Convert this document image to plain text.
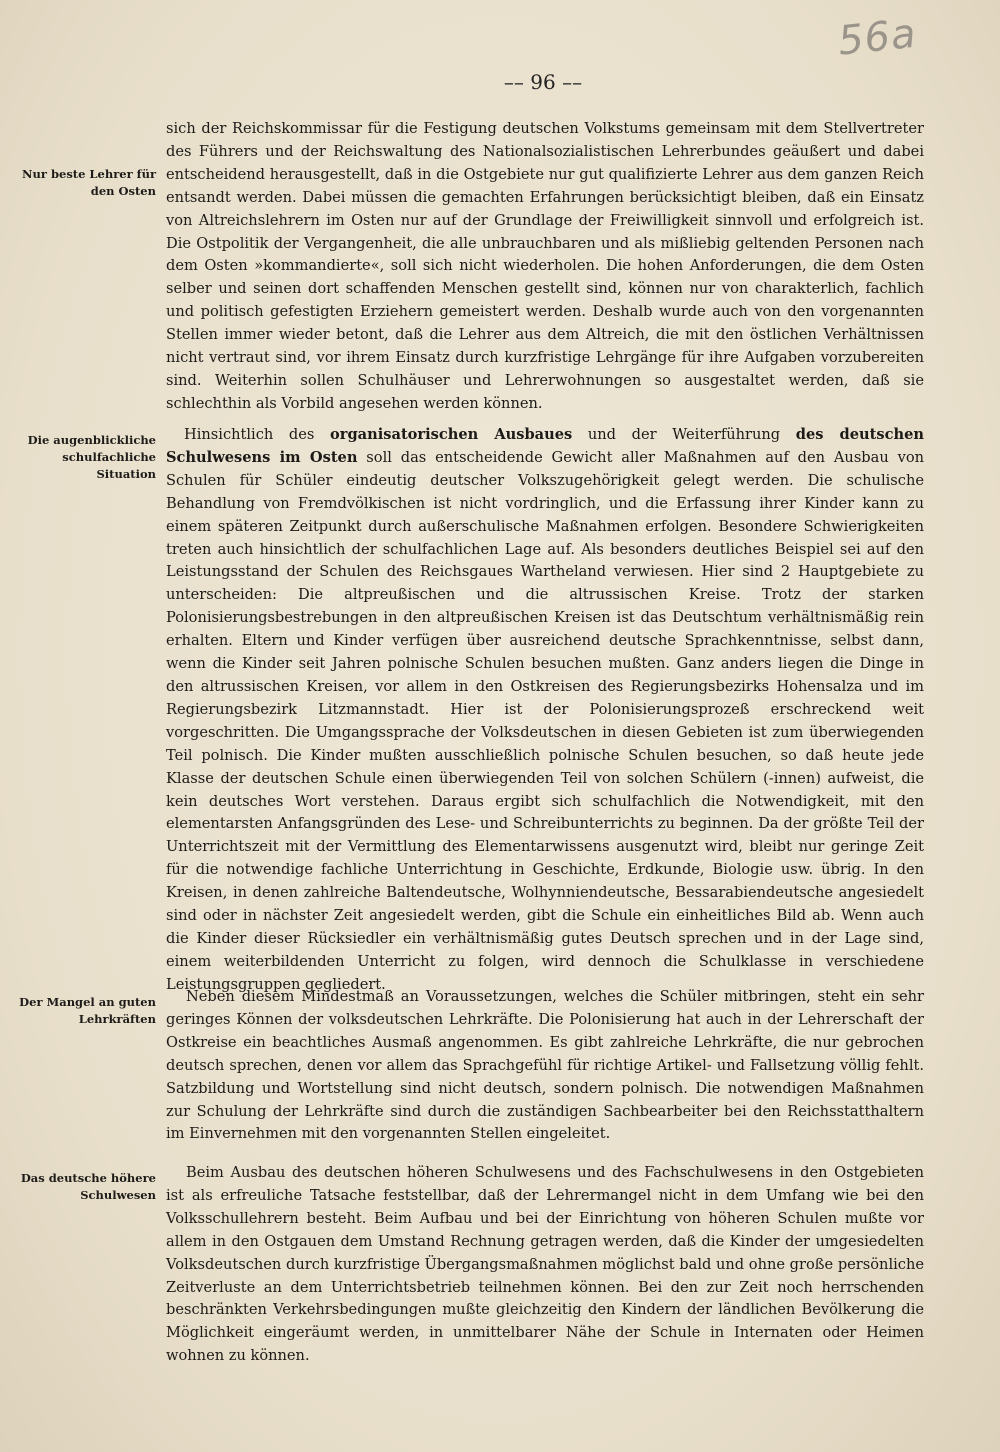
56a
–– 96 ––

sich der Reichskommissar für die Festigung deutschen Volkstums gemeinsam mit dem Stellvertreter des Führers und der Reichswaltung des Nationalsozialistischen Lehrerbundes geäußert und dabei entscheidend herausgestellt, daß in die Ostgebiete nur gut qualifizierte Lehrer aus dem ganzen Reich entsandt werden. Dabei müssen die gemachten Erfahrungen berücksichtigt bleiben, daß ein Einsatz von Altreichslehrern im Osten nur auf der Grundlage der Freiwilligkeit sinnvoll und erfolgreich ist. Die Ostpolitik der Vergangenheit, die alle unbrauchbaren und als mißliebig geltenden Personen nach dem Osten »kommandierte«, soll sich nicht wiederholen. Die hohen Anforderungen, die dem Osten selber und seinen dort schaffenden Menschen gestellt sind, können nur von charakterlich, fachlich und politisch gefestigten Erziehern gemeistert werden. Deshalb wurde auch von den vorgenannten Stellen immer wieder betont, daß die Lehrer aus dem Altreich, die mit den östlichen Verhältnissen nicht vertraut sind, vor ihrem Einsatz durch kurzfristige Lehrgänge für ihre Aufgaben vorzubereiten sind. Weiterhin sollen Schulhäuser und Lehrerwohnungen so ausgestaltet werden, daß sie schlechthin als Vorbild angesehen werden können.

Nur beste Lehrer für den Osten
Die augenblickliche schulfachliche Situation

Hinsichtlich des organisatorischen Ausbaues und der Weiterführung des deutschen Schulwesens im Osten soll das entscheidende Gewicht aller Maßnahmen auf den Ausbau von Schulen für Schüler eindeutig deutscher Volkszugehörigkeit gelegt werden. Die schulische Behandlung von Fremdvölkischen ist nicht vordringlich, und die Erfassung ihrer Kinder kann zu einem späteren Zeitpunkt durch außerschulische Maßnahmen erfolgen. Besondere Schwierigkeiten treten auch hinsichtlich der schulfachlichen Lage auf. Als besonders deutliches Beispiel sei auf den Leistungsstand der Schulen des Reichsgaues Wartheland verwiesen. Hier sind 2 Hauptgebiete zu unterscheiden: Die altpreußischen und die altrussischen Kreise. Trotz der starken Polonisierungsbestrebungen in den altpreußischen Kreisen ist das Deutschtum verhältnismäßig rein erhalten. Eltern und Kinder verfügen über ausreichend deutsche Sprachkenntnisse, selbst dann, wenn die Kinder seit Jahren polnische Schulen besuchen mußten. Ganz anders liegen die Dinge in den altrussischen Kreisen, vor allem in den Ostkreisen des Regierungsbezirks Hohensalza und im Regierungsbezirk Litzmannstadt. Hier ist der Polonisierungsprozeß erschreckend weit vorgeschritten. Die Umgangssprache der Volksdeutschen in diesen Gebieten ist zum überwiegenden Teil polnisch. Die Kinder mußten ausschließlich polnische Schulen besuchen, so daß heute jede Klasse der deutschen Schule einen überwiegenden Teil von solchen Schülern (-innen) aufweist, die kein deutsches Wort verstehen. Daraus ergibt sich schulfachlich die Notwendigkeit, mit den elementarsten Anfangsgründen des Lese- und Schreibunterrichts zu beginnen. Da der größte Teil der Unterrichtszeit mit der Vermittlung des Elementarwissens ausgenutzt wird, bleibt nur geringe Zeit für die notwendige fachliche Unterrichtung in Geschichte, Erdkunde, Biologie usw. übrig. In den Kreisen, in denen zahlreiche Baltendeutsche, Wolhynniendeutsche, Bessarabiendeutsche angesiedelt sind oder in nächster Zeit angesiedelt werden, gibt die Schule ein einheitliches Bild ab. Wenn auch die Kinder dieser Rücksiedler ein verhältnismäßig gutes Deutsch sprechen und in der Lage sind, einem weiterbildenden Unterricht zu folgen, wird dennoch die Schulklasse in verschiedene Leistungsgruppen gegliedert.

Der Mangel an guten Lehrkräften

Neben diesem Mindestmaß an Voraussetzungen, welches die Schüler mitbringen, steht ein sehr geringes Können der volksdeutschen Lehrkräfte. Die Polonisierung hat auch in der Lehrerschaft der Ostkreise ein beachtliches Ausmaß angenommen. Es gibt zahlreiche Lehrkräfte, die nur gebrochen deutsch sprechen, denen vor allem das Sprachgefühl für richtige Artikel- und Fallsetzung völlig fehlt. Satzbildung und Wortstellung sind nicht deutsch, sondern polnisch. Die notwendigen Maßnahmen zur Schulung der Lehrkräfte sind durch die zuständigen Sachbearbeiter bei den Reichsstatthaltern im Einvernehmen mit den vorgenannten Stellen eingeleitet.

Das deutsche höhere Schulwesen

Beim Ausbau des deutschen höheren Schulwesens und des Fachschulwesens in den Ostgebieten ist als erfreuliche Tatsache feststellbar, daß der Lehrermangel nicht in dem Umfang wie bei den Volksschullehrern besteht. Beim Aufbau und bei der Einrichtung von höheren Schulen mußte vor allem in den Ostgauen dem Umstand Rechnung getragen werden, daß die Kinder der umgesiedelten Volksdeutschen durch kurzfristige Übergangsmaßnahmen möglichst bald und ohne große persönliche Zeitverluste an dem Unterrichtsbetrieb teilnehmen können. Bei den zur Zeit noch herrschenden beschränkten Verkehrsbedingungen mußte gleichzeitig den Kindern der ländlichen Bevölkerung die Möglichkeit eingeräumt werden, in unmittelbarer Nähe der Schule in Internaten oder Heimen wohnen zu können.
